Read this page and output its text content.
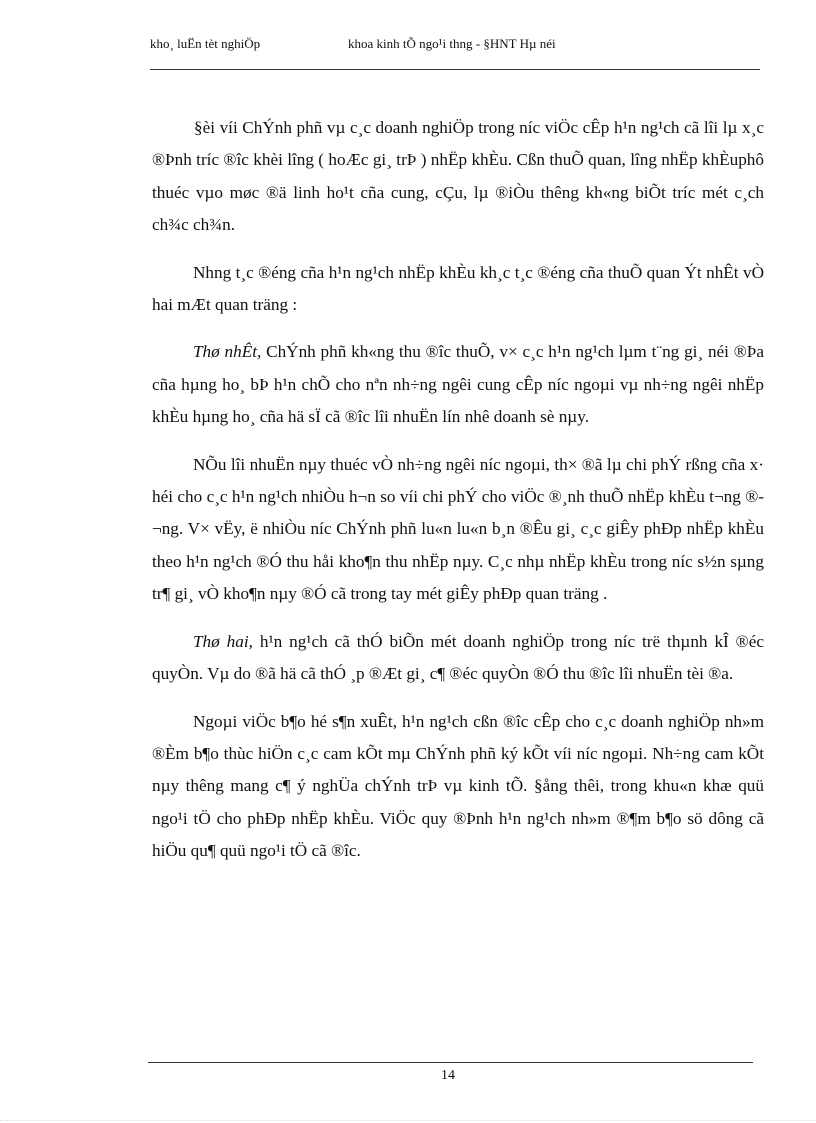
kho¸ luËn tèt nghiÖp	khoa kinh tÕ ngo¹i thng - §HNT Hµ néi

§èi víi ChÝnh phñ vµ c¸c doanh nghiÖp trong níc viÖc cÊp h¹n ng¹ch cã lîi lµ x¸c ®Þnh tríc ®îc khèi lîng ( hoÆc gi¸ trÞ ) nhËp khÈu. Cßn thuÕ quan, lîng nhËp khÈuphô thuéc vµo møc ®ä linh ho¹t cña cung, cÇu, lµ ®iÒu thêng kh«ng biÕt tríc mét c¸ch ch¾c ch¾n.

Nhng t¸c ®éng cña h¹n ng¹ch nhËp khÈu kh¸c t¸c ®éng cña thuÕ quan Ýt nhÊt vÒ hai mÆt quan träng :

Thø nhÊt, ChÝnh phñ kh«ng thu ®îc thuÕ, v× c¸c h¹n ng¹ch lµm t¨ng gi¸ néi ®Þa cña hµng ho¸ bÞ h¹n chÕ cho nªn nh÷ng ngêi cung cÊp níc ngoµi vµ nh÷ng ngêi nhËp khÈu hµng ho¸ cña hä sÏ cã ®îc lîi nhuËn lín nhê doanh sè nµy.

NÕu lîi nhuËn nµy thuéc vÒ nh÷ng ngêi níc ngoµi, th× ®ã lµ chi phÝ rßng cña x· héi cho c¸c h¹n ng¹ch nhiÒu h¬n so víi chi phÝ cho viÖc ®¸nh thuÕ nhËp khÈu t¬ng ®¬ng. V× vËy, ë nhiÒu níc ChÝnh phñ lu«n lu«n b¸n ®Êu gi¸ c¸c giÊy phÐp nhËp khÈu theo h¹n ng¹ch ®Ó thu håi kho¶n thu nhËp nµy. C¸c nhµ nhËp khÈu trong níc s½n sµng tr¶ gi¸ vÒ kho¶n nµy ®Ó cã trong tay mét giÊy phÐp quan träng .

Thø hai, h¹n ng¹ch cã thÓ biÕn mét doanh nghiÖp trong níc trë thµnh kÎ ®éc quyÒn. Vµ do ®ã hä cã thÓ ¸p ®Æt gi¸ c¶ ®éc quyÒn ®Ó thu ®îc lîi nhuËn tèi ®a.

Ngoµi viÖc b¶o hé s¶n xuÊt, h¹n ng¹ch cßn ®îc cÊp cho c¸c doanh nghiÖp nh»m ®Èm b¶o thùc hiÖn c¸c cam kÕt mµ ChÝnh phñ ký kÕt víi níc ngoµi. Nh÷ng cam kÕt nµy thêng mang c¶ ý nghÜa chÝnh trÞ vµ kinh tÕ. §ång thêi, trong khu«n khæ quü ngo¹i tÖ cho phÐp nhËp khÈu. ViÖc quy ®Þnh h¹n ng¹ch nh»m ®¶m b¶o sö dông cã hiÖu qu¶ quü ngo¹i tÖ cã ®îc.

14
